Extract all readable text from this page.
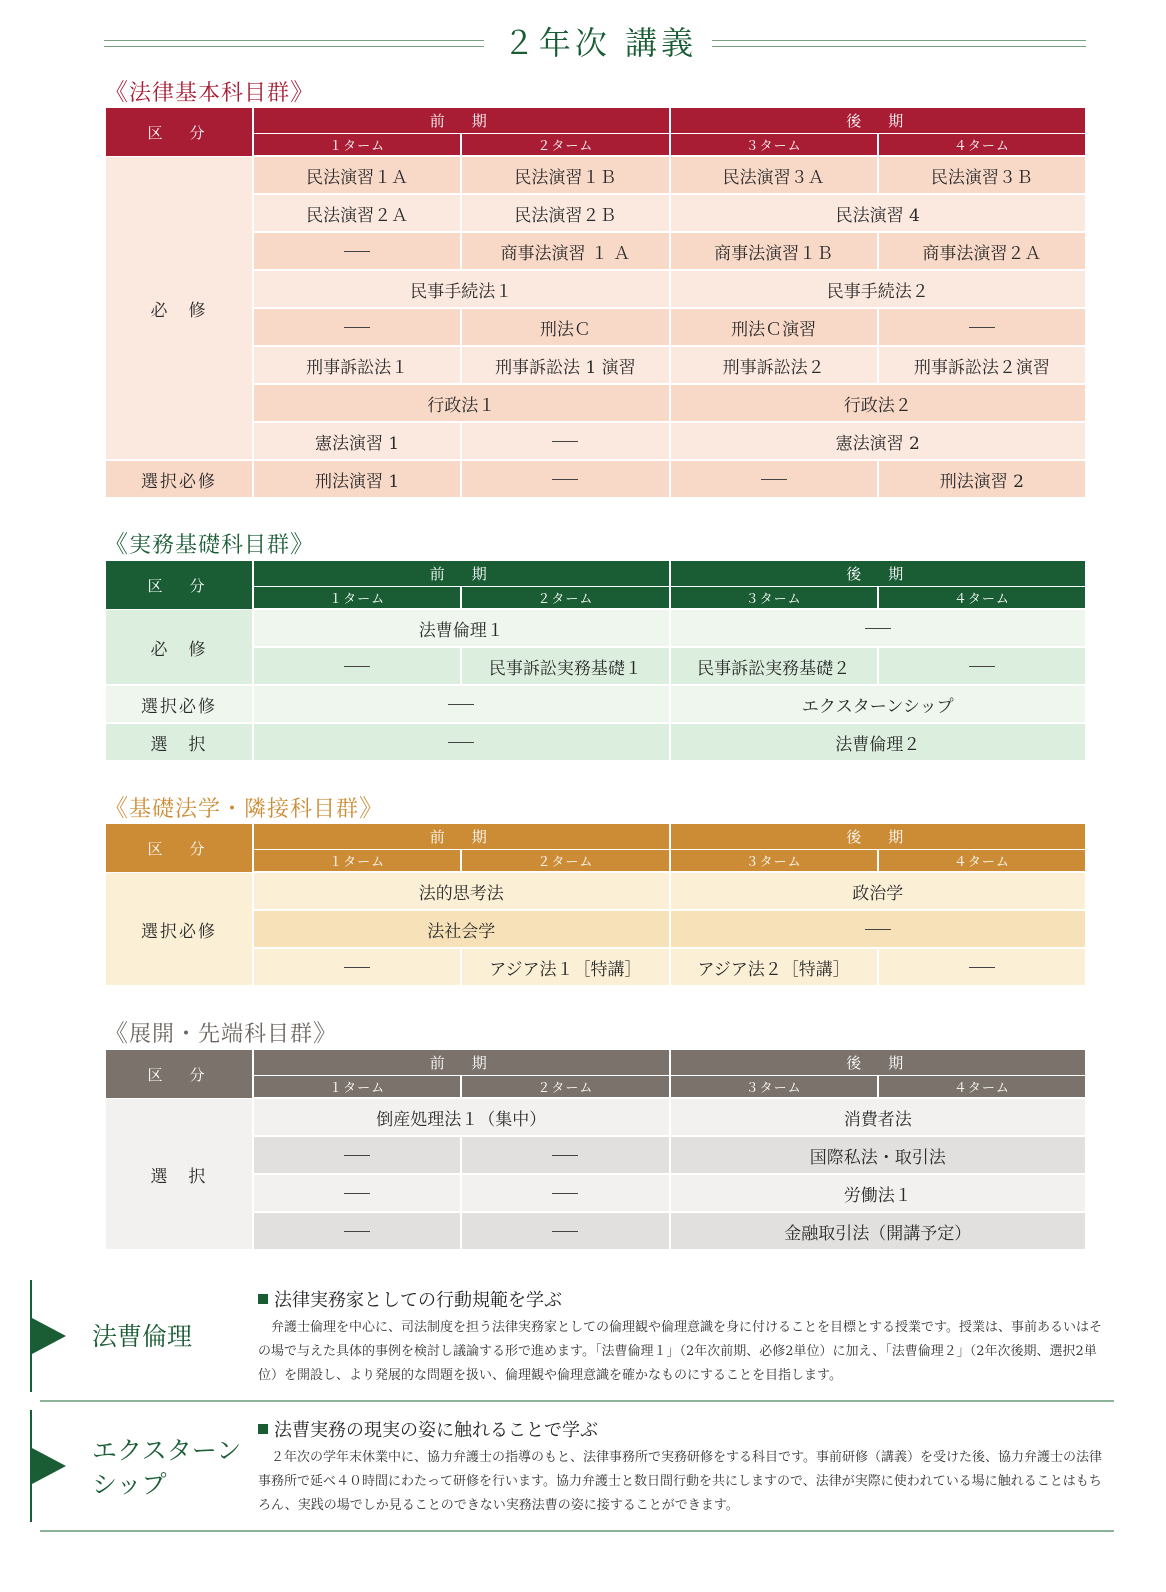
２年次 講義
《法律基本科目群》
区　分	前　期		後　期	
	１ターム	２ターム	３ターム	４ターム
必　修	民法演習１Ａ	民法演習１Ｂ	民法演習３Ａ	民法演習３Ｂ
	民法演習２Ａ	民法演習２Ｂ	民法演習 4	
		商事法演習 １ Ａ	商事法演習１Ｂ	商事法演習２Ａ
	民事手続法１		民事手続法２	
		刑法Ｃ	刑法Ｃ演習	
	刑事訴訟法１	刑事訴訟法 1 演習	刑事訴訟法２	刑事訴訟法２演習
	行政法１		行政法２	
	憲法演習 1		憲法演習 2	
選択必修	刑法演習 1			刑法演習 2
《実務基礎科目群》
区　分	前　期		後　期	
	１ターム	２ターム	３ターム	４ターム
必　修	法曹倫理１			
		民事訴訟実務基礎１	民事訴訟実務基礎２	
選択必修			エクスターンシップ	
選　択			法曹倫理２	
《基礎法学・隣接科目群》
区　分	前　期		後　期	
	１ターム	２ターム	３ターム	４ターム
選択必修	法的思考法		政治学	
	法社会学			
		アジア法１［特講］	アジア法２［特講］	
《展開・先端科目群》
区　分	前　期		後　期	
	１ターム	２ターム	３ターム	４ターム
選　択	倒産処理法１（集中）		消費者法	
			国際私法・取引法	
			労働法１	
			金融取引法（開講予定）	
法曹倫理
法律実務家としての行動規範を学ぶ
弁護士倫理を中心に、司法制度を担う法律実務家としての倫理観や倫理意識を身に付けることを目標とする授業です。授業は、事前あるいはその場で与えた具体的事例を検討し議論する形で進めます。「法曹倫理１」（2年次前期、必修2単位）に加え、「法曹倫理２」（2年次後期、選択2単位）を開設し、より発展的な問題を扱い、倫理観や倫理意識を確かなものにすることを目指します。
エクスターン
シップ
法曹実務の現実の姿に触れることで学ぶ
２年次の学年末休業中に、協力弁護士の指導のもと、法律事務所で実務研修をする科目です。事前研修（講義）を受けた後、協力弁護士の法律事務所で延べ４０時間にわたって研修を行います。協力弁護士と数日間行動を共にしますので、法律が実際に使われている場に触れることはもちろん、実践の場でしか見ることのできない実務法曹の姿に接することができます。
